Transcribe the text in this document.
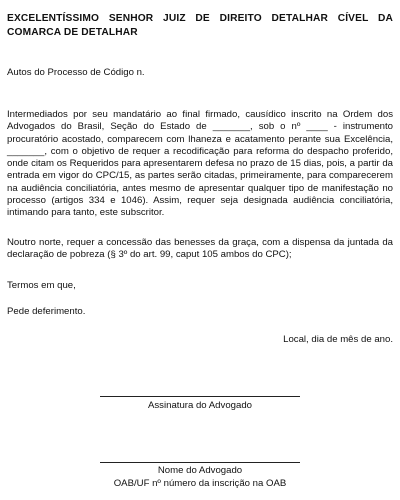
EXCELENTÍSSIMO SENHOR JUIZ DE DIREITO DETALHAR CÍVEL DA COMARCA DE DETALHAR
Autos do Processo de Código n.
Intermediados por seu mandatário ao final firmado, causídico inscrito na Ordem dos Advogados do Brasil, Seção do Estado de _______, sob o nº ____ - instrumento procuratório acostado, comparecem com lhaneza e acatamento perante sua Excelência, _______, com o objetivo de requer a recodificação para reforma do despacho proferido, onde citam os Requeridos para apresentarem defesa no prazo de 15 dias, pois, a partir da entrada em vigor do CPC/15, as partes serão citadas, primeiramente, para comparecerem na audiência conciliatória, antes mesmo de apresentar qualquer tipo de manifestação no processo (artigos 334 e 1046). Assim, requer seja designada audiência conciliatória, intimando para tanto, este subscritor.
Noutro norte, requer a concessão das benesses da graça, com a dispensa da juntada da declaração de pobreza (§ 3º do art. 99, caput 105 ambos do CPC);
Termos em que,
Pede deferimento.
Local, dia de mês de ano.
Assinatura do Advogado
Nome do Advogado
OAB/UF nº número da inscrição na OAB
